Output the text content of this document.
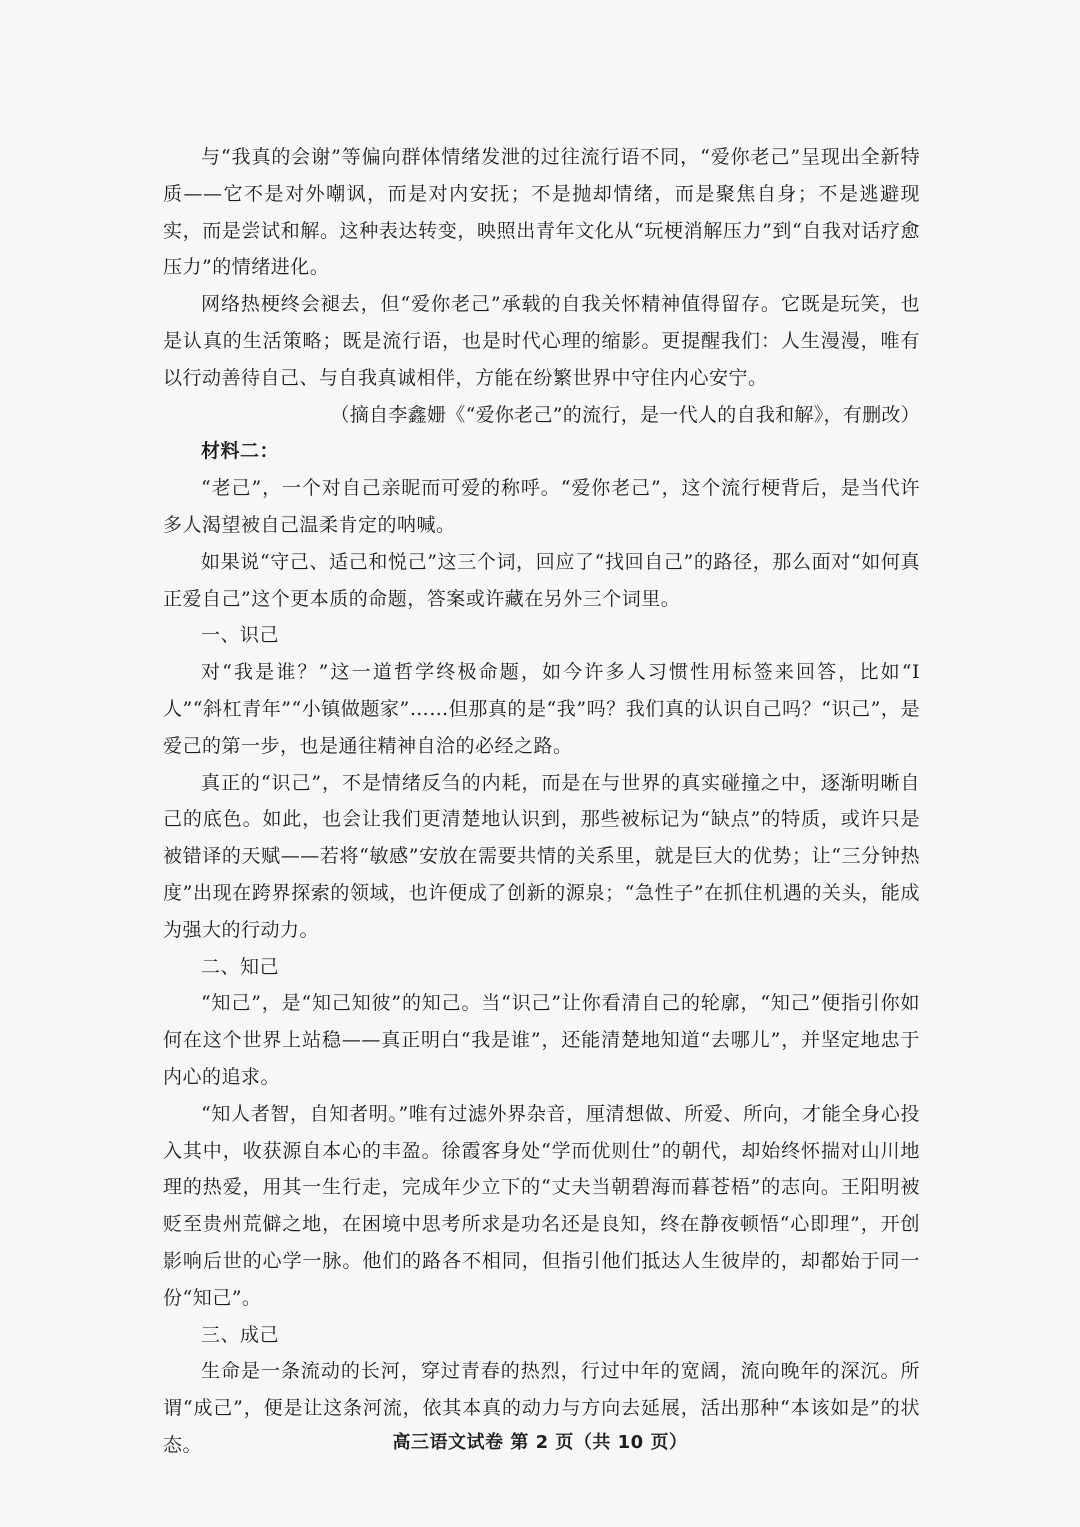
与“我真的会谢”等偏向群体情绪发泄的过往流行语不同，“爱你老己”呈现出全新特质——它不是对外嘲讽，而是对内安抚；不是抛却情绪，而是聚焦自身；不是逃避现实，而是尝试和解。这种表达转变，映照出青年文化从“玩梗消解压力”到“自我对话疗愈压力”的情绪进化。

网络热梗终会褪去，但“爱你老己”承载的自我关怀精神值得留存。它既是玩笑，也是认真的生活策略；既是流行语，也是时代心理的缩影。更提醒我们：人生漫漫，唯有以行动善待自己、与自我真诚相伴，方能在纷繁世界中守住内心安宁。

（摘自李鑫姗《“爱你老己”的流行，是一代人的自我和解》，有删改）

材料二：

“老己”，一个对自己亲昵而可爱的称呼。“爱你老己”，这个流行梗背后，是当代许多人渴望被自己温柔肯定的呐喊。

如果说“守己、适己和悦己”这三个词，回应了“找回自己”的路径，那么面对“如何真正爱自己”这个更本质的命题，答案或许藏在另外三个词里。

一、识己

对“我是谁？”这一道哲学终极命题，如今许多人习惯性用标签来回答，比如“I人”“斜杠青年”“小镇做题家”……但那真的是“我”吗？我们真的认识自己吗？“识己”，是爱己的第一步，也是通往精神自洽的必经之路。

真正的“识己”，不是情绪反刍的内耗，而是在与世界的真实碰撞之中，逐渐明晰自己的底色。如此，也会让我们更清楚地认识到，那些被标记为“缺点”的特质，或许只是被错译的天赋——若将“敏感”安放在需要共情的关系里，就是巨大的优势；让“三分钟热度”出现在跨界探索的领域，也许便成了创新的源泉；“急性子”在抓住机遇的关头，能成为强大的行动力。

二、知己

“知己”，是“知己知彼”的知己。当“识己”让你看清自己的轮廓，“知己”便指引你如何在这个世界上站稳——真正明白“我是谁”，还能清楚地知道“去哪儿”，并坚定地忠于内心的追求。

“知人者智，自知者明。”唯有过滤外界杂音，厘清想做、所爱、所向，才能全身心投入其中，收获源自本心的丰盈。徐霞客身处“学而优则仕”的朝代，却始终怀揣对山川地理的热爱，用其一生行走，完成年少立下的“丈夫当朝碧海而暮苍梧”的志向。王阳明被贬至贵州荒僻之地，在困境中思考所求是功名还是良知，终在静夜顿悟“心即理”，开创影响后世的心学一脉。他们的路各不相同，但指引他们抵达人生彼岸的，却都始于同一份“知己”。

三、成己

生命是一条流动的长河，穿过青春的热烈，行过中年的宽阔，流向晚年的深沉。所谓“成己”，便是让这条河流，依其本真的动力与方向去延展，活出那种“本该如是”的状态。	高三语文试卷 第 2 页（共 10 页）
